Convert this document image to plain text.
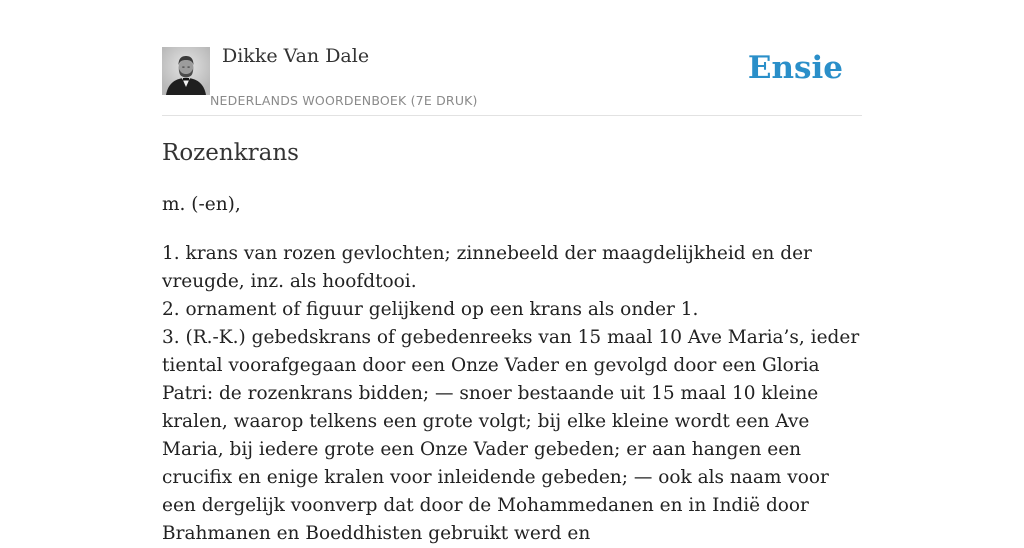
Dikke Van Dale
NEDERLANDS WOORDENBOEK (7E DRUK)
Ensie
Rozenkrans
m. (-en),
1. krans van rozen gevlochten; zinnebeeld der maagdelijkheid en der vreugde, inz. als hoofdtooi.
2. ornament of figuur gelijkend op een krans als onder 1.
3. (R.-K.) gebedskrans of gebedenreeks van 15 maal 10 Ave Maria’s, ieder tiental voorafgegaan door een Onze Vader en gevolgd door een Gloria Patri: de rozenkrans bidden; — snoer bestaande uit 15 maal 10 kleine kralen, waarop telkens een grote volgt; bij elke kleine wordt een Ave Maria, bij iedere grote een Onze Vader gebeden; er aan hangen een crucifix en enige kralen voor inleidende gebeden; — ook als naam voor een dergelijk voonverp dat door de Mohammedanen en in Indië door Brahmanen en Boeddhisten gebruikt werd en
